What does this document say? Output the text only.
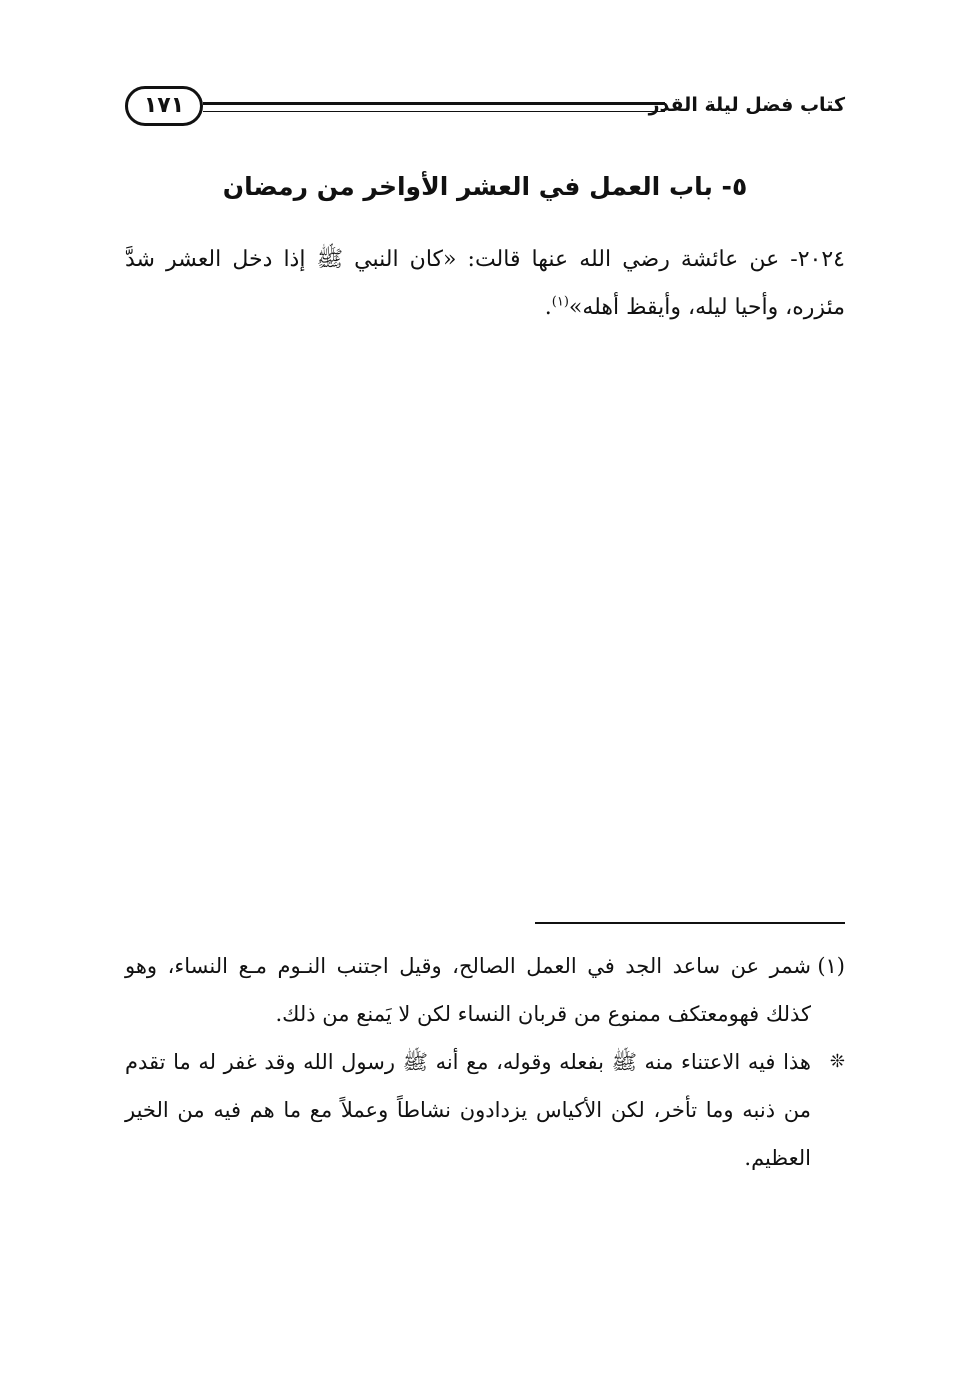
كتاب فضل ليلة القدر
١٧١
٥- باب العمل في العشر الأواخر من رمضان

٢٠٢٤- عن عائشة رضي الله عنها قالت: «كان النبي ﷺ إذا دخل العشر شدَّ مئزره، وأحيا ليله، وأيقظ أهله»$^{(١)}$.

(١)
شمر عن ساعد الجد في العمل الصالح، وقيل اجتنب النـوم مـع النساء، وهو كذلك فهومعتكف ممنوع من قربان النساء لكن لا يَمنع من ذلك.

❊
هذا فيه الاعتناء منه ﷺ بفعله وقوله، مع أنه ﷺ رسول الله وقد غفر له ما تقدم من ذنبه وما تأخر، لكن الأكياس يزدادون نشاطاً وعملاً مع ما هم فيه من الخير العظيم.
